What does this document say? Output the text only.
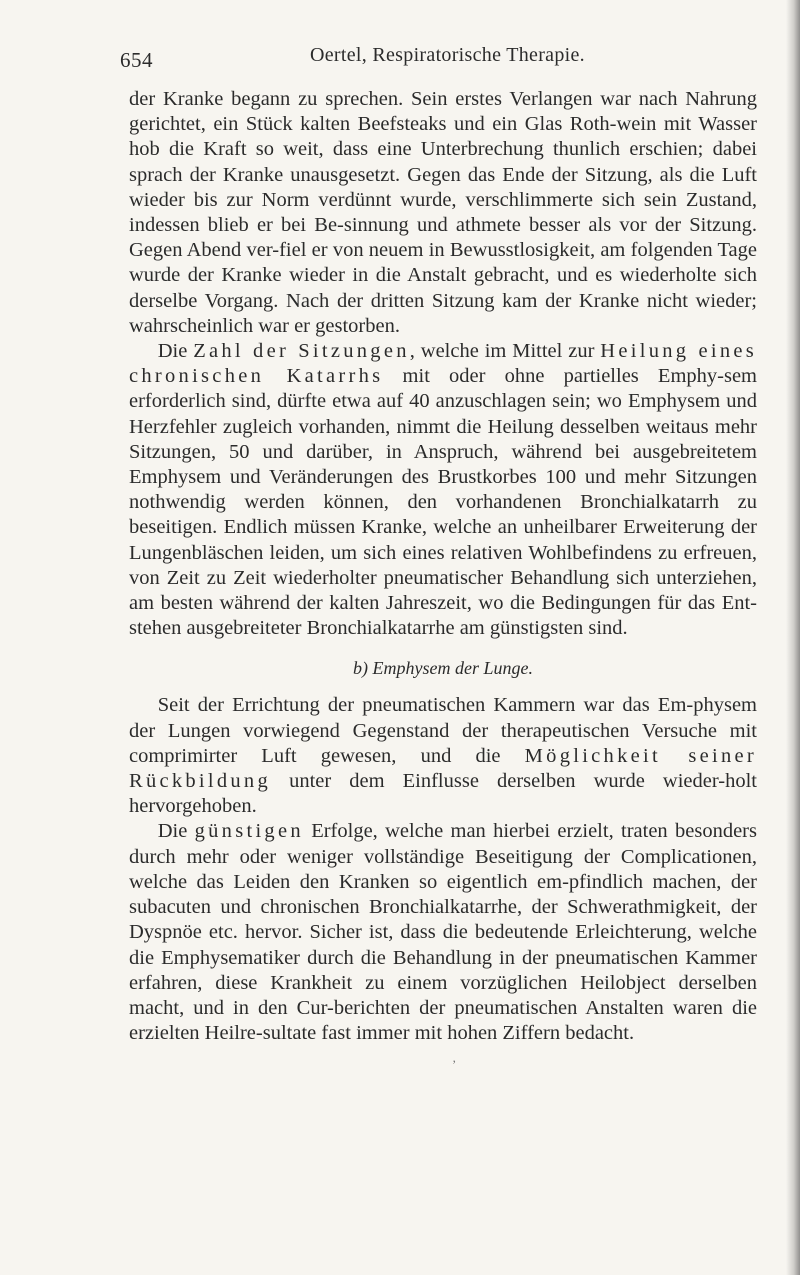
654	Oertel, Respiratorische Therapie.

der Kranke begann zu sprechen. Sein erstes Verlangen war nach Nahrung gerichtet, ein Stück kalten Beefsteaks und ein Glas Roth-wein mit Wasser hob die Kraft so weit, dass eine Unterbrechung thunlich erschien; dabei sprach der Kranke unausgesetzt. Gegen das Ende der Sitzung, als die Luft wieder bis zur Norm verdünnt wurde, verschlimmerte sich sein Zustand, indessen blieb er bei Be-sinnung und athmete besser als vor der Sitzung. Gegen Abend ver-fiel er von neuem in Bewusstlosigkeit, am folgenden Tage wurde der Kranke wieder in die Anstalt gebracht, und es wiederholte sich derselbe Vorgang. Nach der dritten Sitzung kam der Kranke nicht wieder; wahrscheinlich war er gestorben.

Die Zahl der Sitzungen, welche im Mittel zur Heilung eines chronischen Katarrhs mit oder ohne partielles Emphy-sem erforderlich sind, dürfte etwa auf 40 anzuschlagen sein; wo Emphysem und Herzfehler zugleich vorhanden, nimmt die Heilung desselben weitaus mehr Sitzungen, 50 und darüber, in Anspruch, während bei ausgebreitetem Emphysem und Veränderungen des Brustkorbes 100 und mehr Sitzungen nothwendig werden können, den vorhandenen Bronchialkatarrh zu beseitigen. Endlich müssen Kranke, welche an unheilbarer Erweiterung der Lungenbläschen leiden, um sich eines relativen Wohlbefindens zu erfreuen, von Zeit zu Zeit wiederholter pneumatischer Behandlung sich unterziehen, am besten während der kalten Jahreszeit, wo die Bedingungen für das Ent-stehen ausgebreiteter Bronchialkatarrhe am günstigsten sind.

b) Emphysem der Lunge.

Seit der Errichtung der pneumatischen Kammern war das Em-physem der Lungen vorwiegend Gegenstand der therapeutischen Versuche mit comprimirter Luft gewesen, und die Möglichkeit seiner Rückbildung unter dem Einflusse derselben wurde wieder-holt hervorgehoben.

Die günstigen Erfolge, welche man hierbei erzielt, traten besonders durch mehr oder weniger vollständige Beseitigung der Complicationen, welche das Leiden den Kranken so eigentlich em-pfindlich machen, der subacuten und chronischen Bronchialkatarrhe, der Schwerathmigkeit, der Dyspnöe etc. hervor. Sicher ist, dass die bedeutende Erleichterung, welche die Emphysematiker durch die Behandlung in der pneumatischen Kammer erfahren, diese Krankheit zu einem vorzüglichen Heilobject derselben macht, und in den Cur-berichten der pneumatischen Anstalten waren die erzielten Heilre-sultate fast immer mit hohen Ziffern bedacht.

‚
